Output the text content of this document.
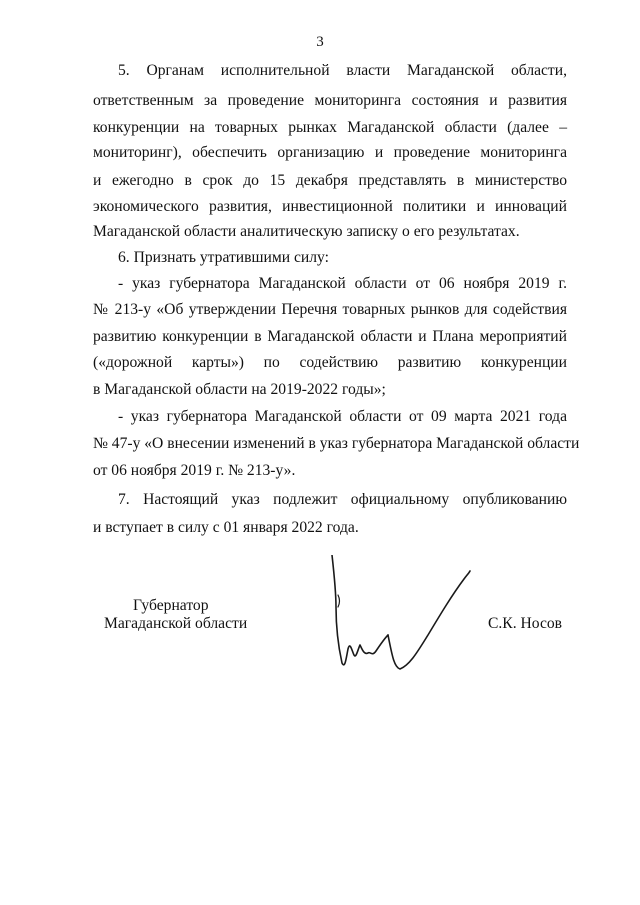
3
5. Органам исполнительной власти Магаданской области,
ответственным за проведение мониторинга состояния и развития
конкуренции на товарных рынках Магаданской области (далее –
мониторинг), обеспечить организацию и проведение мониторинга
и ежегодно в срок до 15 декабря представлять в министерство
экономического развития, инвестиционной политики и инноваций
Магаданской области аналитическую записку о его результатах.
6. Признать утратившими силу:
- указ губернатора Магаданской области от 06 ноября 2019 г.
№ 213-у «Об утверждении Перечня товарных рынков для содействия
развитию конкуренции в Магаданской области и Плана мероприятий
(«дорожной карты») по содействию развитию конкуренции
в Магаданской области на 2019-2022 годы»;
- указ губернатора Магаданской области от 09 марта 2021 года
№ 47-у «О внесении изменений в указ губернатора Магаданской области
от 06 ноября 2019 г. № 213-у».
7. Настоящий указ подлежит официальному опубликованию
и вступает в силу с 01 января 2022 года.
Губернатор
Магаданской области	С.К. Носов
